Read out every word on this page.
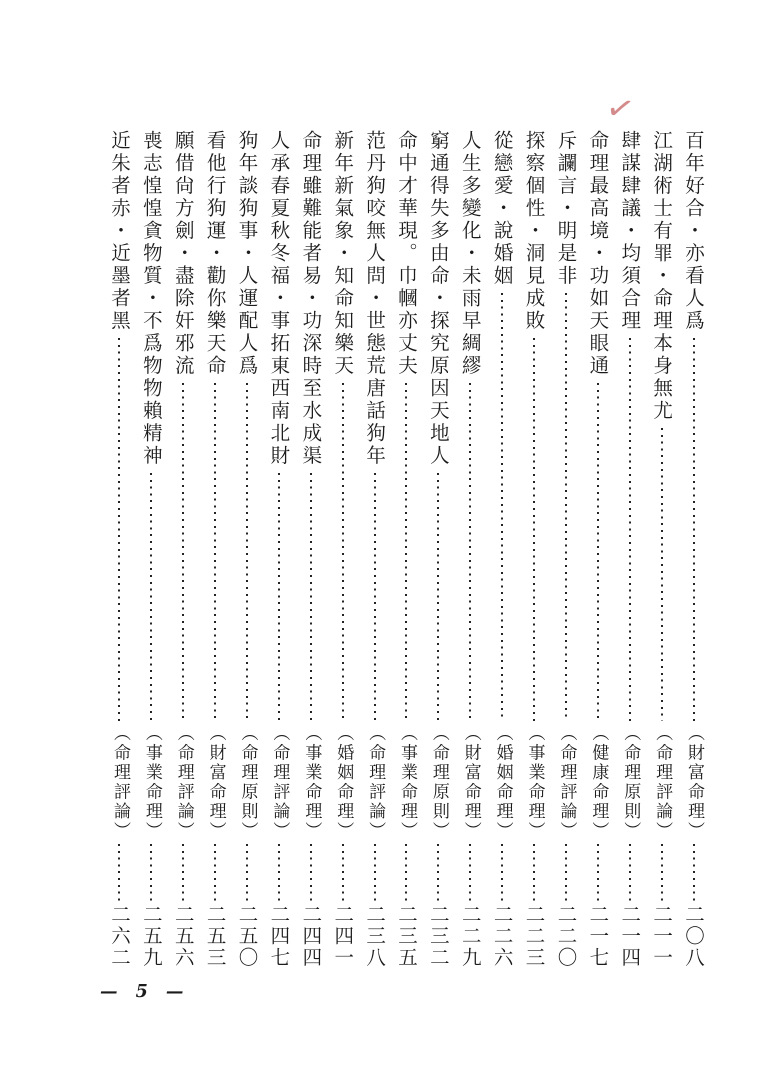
✓
百年好合・亦看人爲
（財富命理）
二〇八
江湖術士有罪・命理本身無尤
（命理評論）
二一一
肆謀肆議・均須合理
（命理原則）
二一四
命理最高境・功如天眼通
（健康命理）
二一七
斥讕言・明是非
（命理評論）
二二〇
探察個性・洞見成敗
（事業命理）
二二三
從戀愛・說婚姻
（婚姻命理）
二二六
人生多變化・未雨早綢繆
（財富命理）
二二九
窮通得失多由命・探究原因天地人
（命理原則）
二三二
命中才華現。巾幗亦丈夫
（事業命理）
二三五
范丹狗咬無人問・世態荒唐話狗年
（命理評論）
二三八
新年新氣象・知命知樂天
（婚姻命理）
二四一
命理雖難能者易・功深時至水成渠
（事業命理）
二四四
人承春夏秋冬福・事拓東西南北財
（命理評論）
二四七
狗年談狗事・人運配人爲
（命理原則）
二五〇
看他行狗運・勸你樂天命
（財富命理）
二五三
願借尙方劍・盡除奸邪流
（命理評論）
二五六
喪志惶惶貪物質・不爲物物賴精神
（事業命理）
二五九
近朱者赤・近墨者黑
（命理評論）
二六二
— 5 —
